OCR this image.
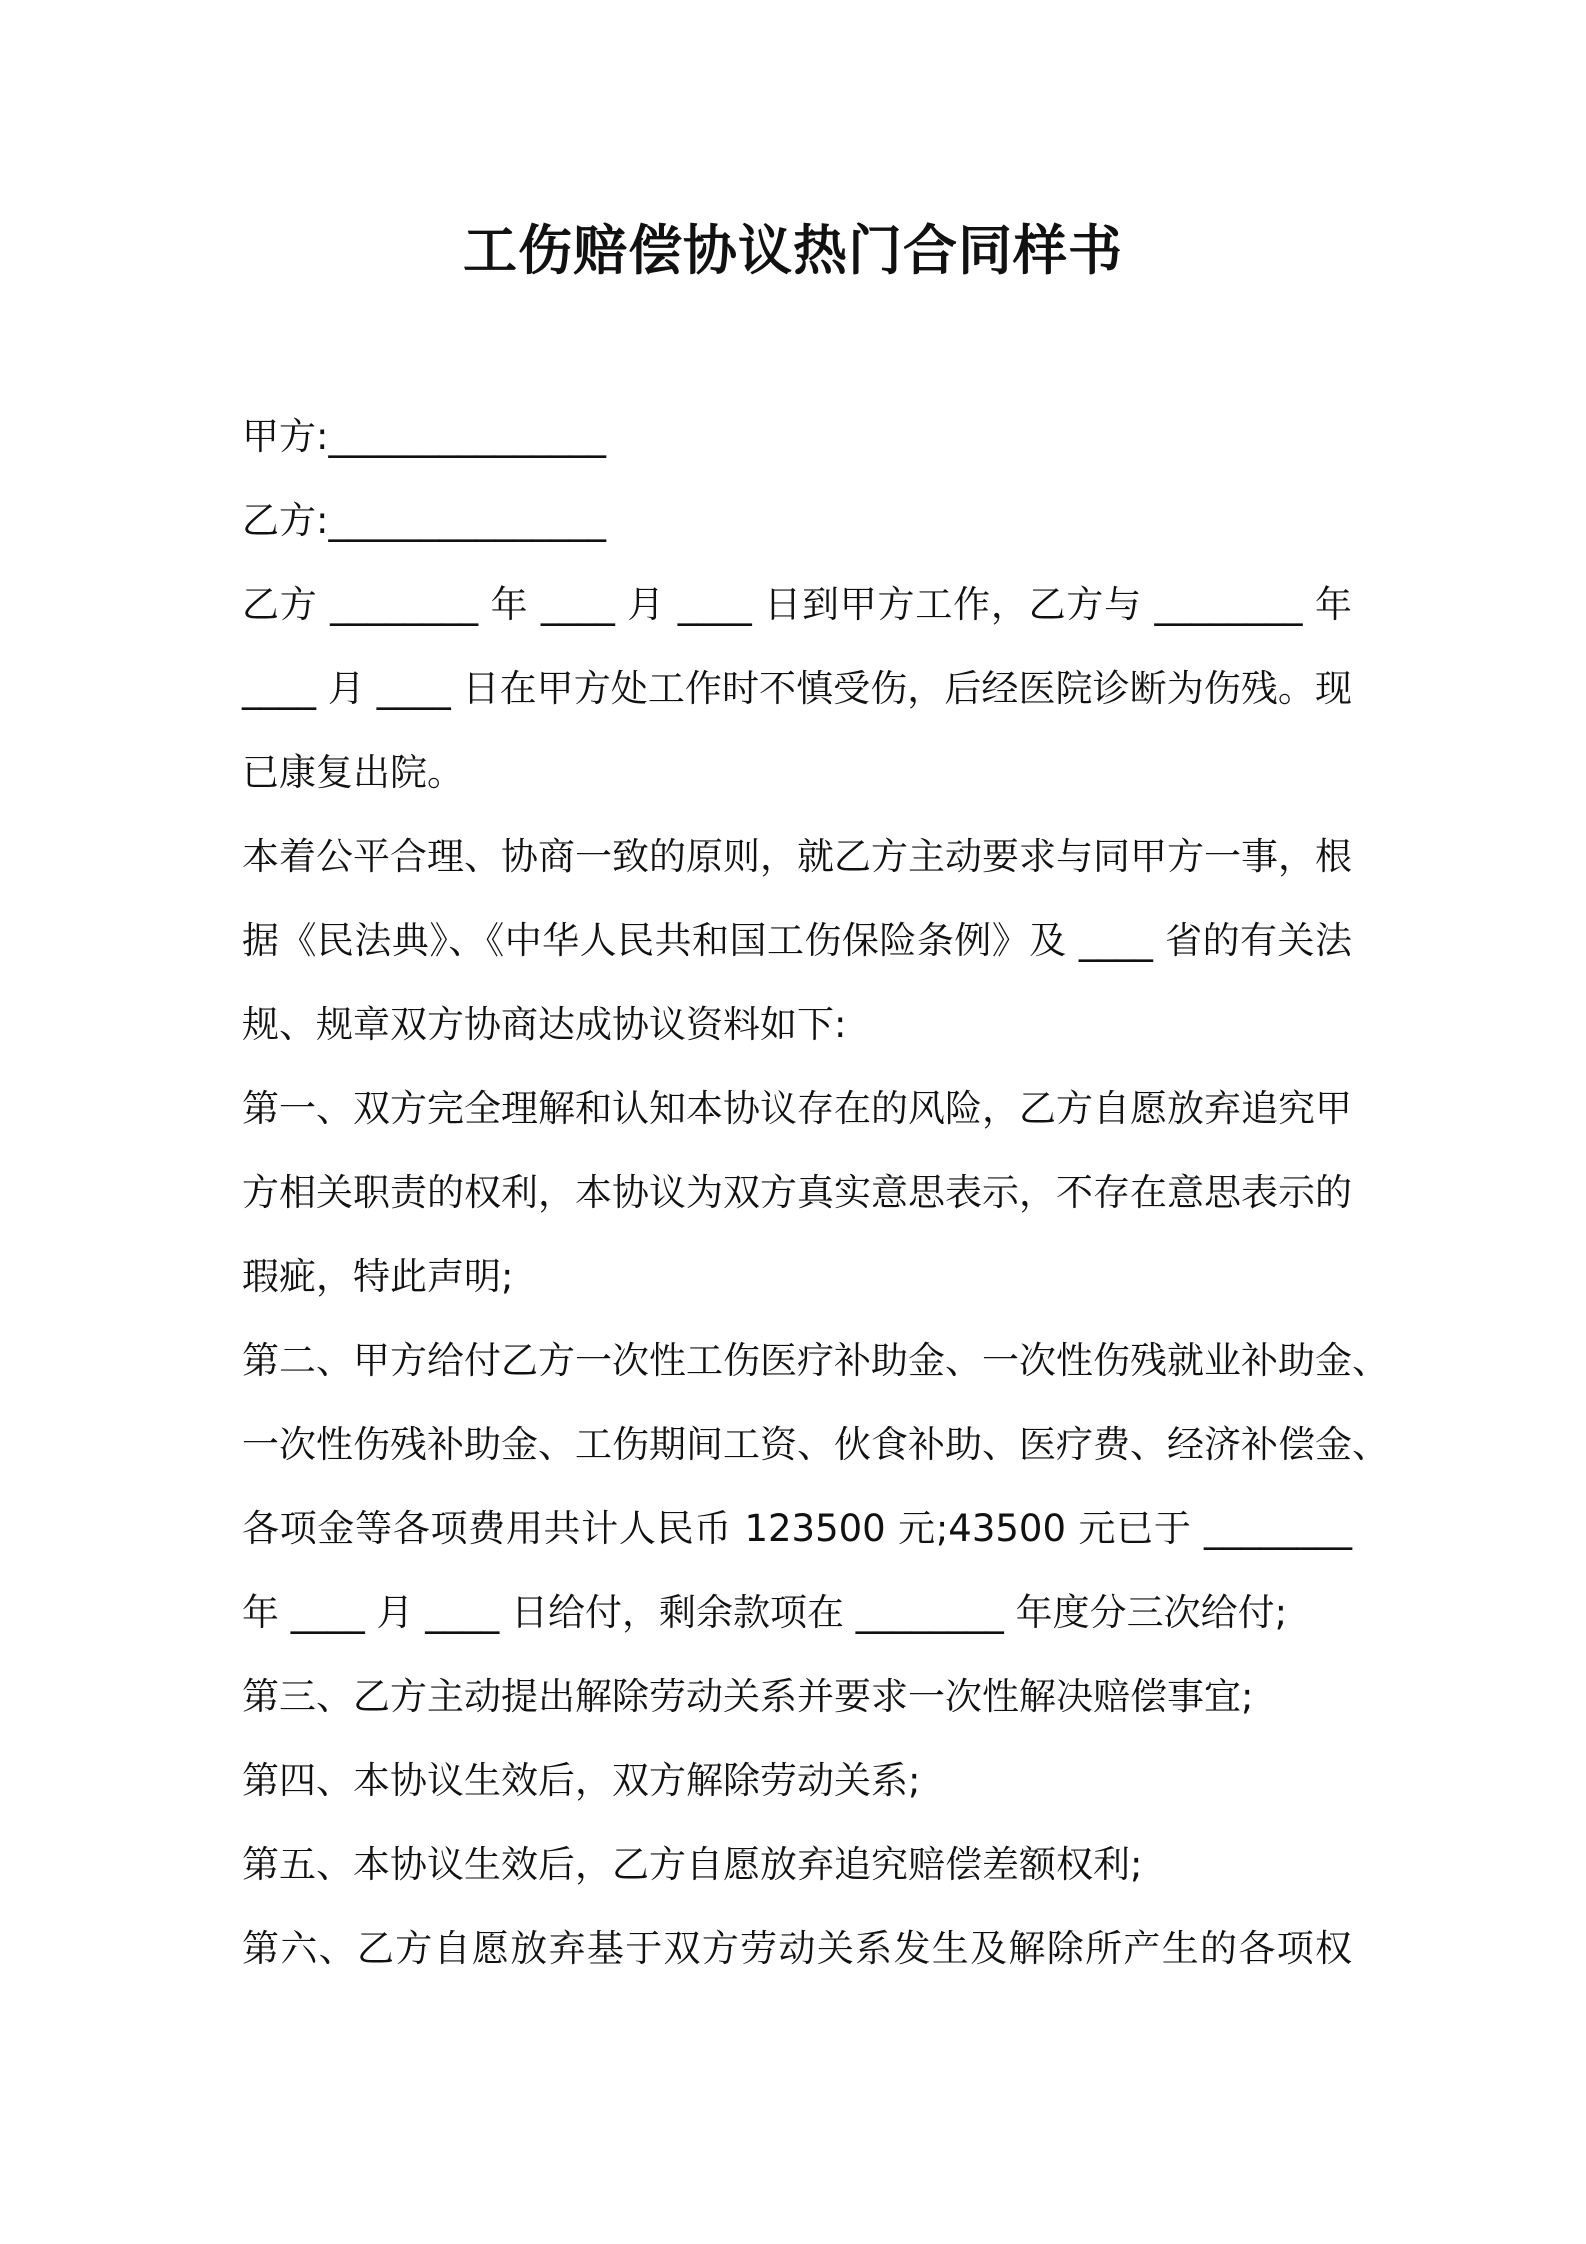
工伤赔偿协议热门合同样书
甲方:_______________
乙方:_______________
乙方 ________ 年 ____ 月 ____ 日到甲方工作，乙方与 ________ 年
____ 月 ____ 日在甲方处工作时不慎受伤，后经医院诊断为伤残。现
已康复出院。
本着公平合理、协商一致的原则，就乙方主动要求与同甲方一事，根
据《民法典》、《中华人民共和国工伤保险条例》及 ____ 省的有关法
规、规章双方协商达成协议资料如下:
第一、双方完全理解和认知本协议存在的风险，乙方自愿放弃追究甲
方相关职责的权利，本协议为双方真实意思表示，不存在意思表示的
瑕疵，特此声明;
第二、甲方给付乙方一次性工伤医疗补助金、一次性伤残就业补助金、
一次性伤残补助金、工伤期间工资、伙食补助、医疗费、经济补偿金、
各项金等各项费用共计人民币 123500 元;43500 元已于 ________
年 ____ 月 ____ 日给付，剩余款项在 ________ 年度分三次给付;
第三、乙方主动提出解除劳动关系并要求一次性解决赔偿事宜;
第四、本协议生效后，双方解除劳动关系;
第五、本协议生效后，乙方自愿放弃追究赔偿差额权利;
第六、乙方自愿放弃基于双方劳动关系发生及解除所产生的各项权
